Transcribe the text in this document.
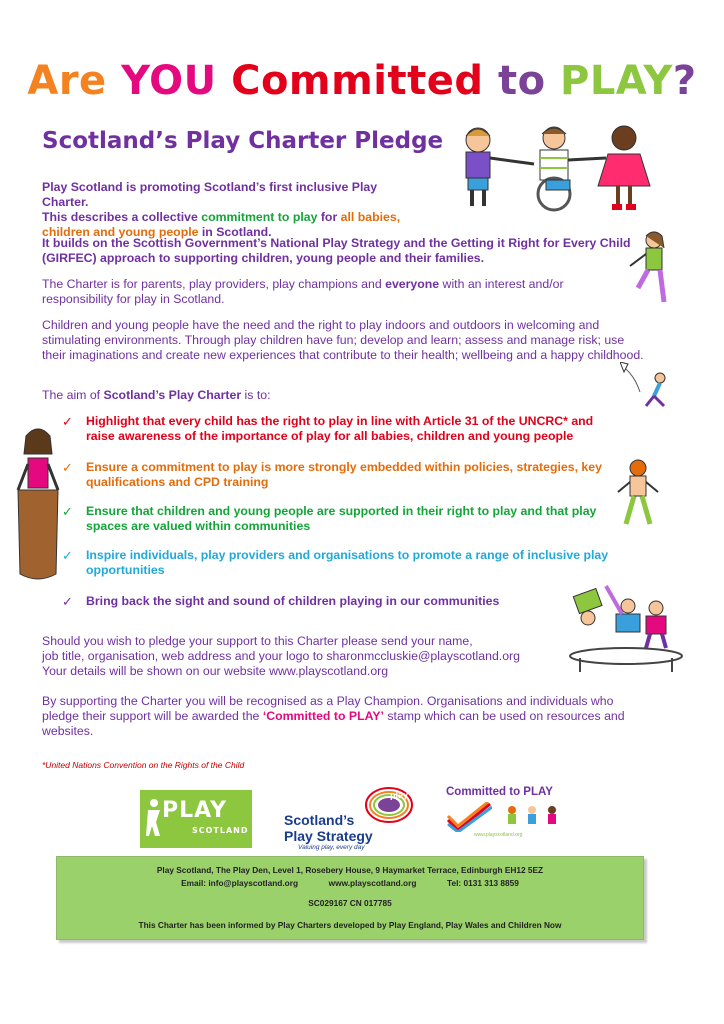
Are YOU Committed to PLAY?
Scotland’s Play Charter Pledge
Play Scotland is promoting Scotland’s first inclusive Play Charter.
This describes a collective commitment to play for all babies,
children and young people in Scotland.
It builds on the Scottish Government’s National Play Strategy and the Getting it Right for Every Child (GIRFEC) approach to supporting children, young people and their families.
The Charter is for parents, play providers, play champions and everyone with an interest and/or responsibility for play in Scotland.
Children and young people have the need and the right to play indoors and outdoors in welcoming and stimulating environments. Through play children have fun; develop and learn; assess and manage risk; use their imaginations and create new experiences that contribute to their health; wellbeing and a happy childhood.
The aim of Scotland’s Play Charter is to:
✓ Highlight that every child has the right to play in line with Article 31 of the UNCRC* and raise awareness of the importance of play for all babies, children and young people
✓ Ensure a commitment to play is more strongly embedded within policies, strategies, key qualifications and CPD training
✓ Ensure that children and young people are supported in their right to play and that play spaces are valued within communities
✓ Inspire individuals, play providers and organisations to promote a range of inclusive play opportunities
✓ Bring back the sight and sound of children playing in our communities
Should you wish to pledge your support to this Charter please send your name,
job title, organisation, web address and your logo to sharonmccluskie@playscotland.org
Your details will be shown on our website www.playscotland.org
By supporting the Charter you will be recognised as a Play Champion. Organisations and individuals who pledge their support will be awarded the ‘Committed to PLAY’ stamp which can be used on resources and websites.
*United Nations Convention on the Rights of the Child
PLAY
SCOTLAND
play
Scotland’s
Play Strategy
Valuing play, every day
Committed to PLAY
www.playscotland.org
Play Scotland, The Play Den, Level 1, Rosebery House, 9 Haymarket Terrace, Edinburgh EH12 5EZ
Email: info@playscotland.org	www.playscotland.org	Tel: 0131 313 8859
SC029167 CN 017785
This Charter has been informed by Play Charters developed by Play England, Play Wales and Children Now
